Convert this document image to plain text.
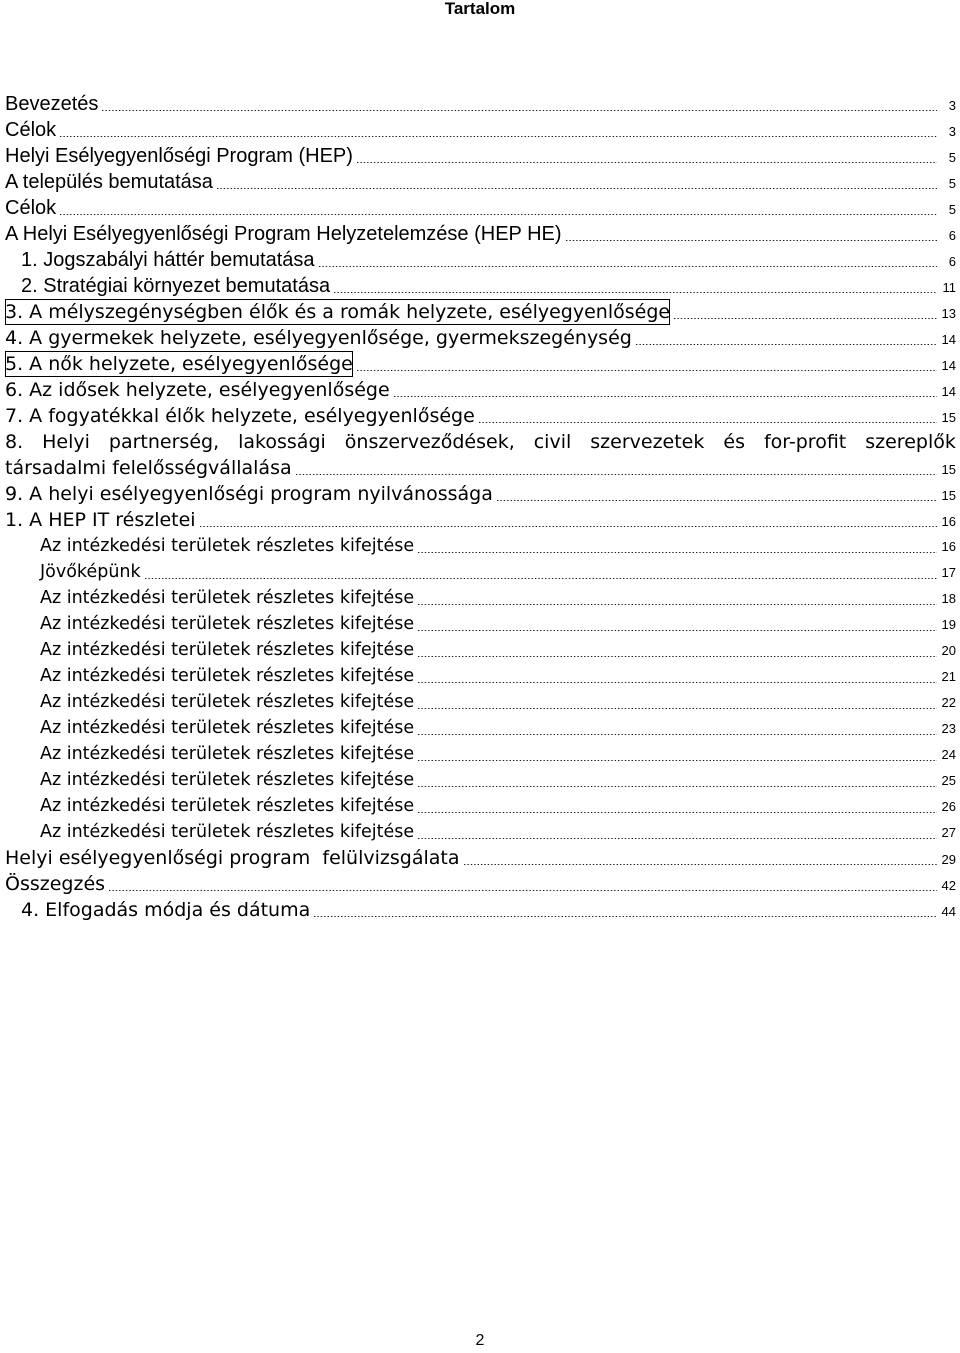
Tartalom
Bevezetés	3
Célok	3
Helyi Esélyegyenlőségi Program (HEP)	5
A település bemutatása	5
Célok	5
A Helyi Esélyegyenlőségi Program Helyzetelemzése (HEP HE)	6
1. Jogszabályi háttér bemutatása	6
2. Stratégiai környezet bemutatása	11
3. A mélyszegénységben élők és a romák helyzete, esélyegyenlősége	13
4. A gyermekek helyzete, esélyegyenlősége, gyermekszegénység	14
5. A nők helyzete, esélyegyenlősége	14
6. Az idősek helyzete, esélyegyenlősége	14
7. A fogyatékkal élők helyzete, esélyegyenlősége	15
8. Helyi partnerség, lakossági önszerveződések, civil szervezetek és for-profit szereplők
társadalmi felelősségvállalása	15
9. A helyi esélyegyenlőségi program nyilvánossága	15
1. A HEP IT részletei	16
Az intézkedési területek részletes kifejtése	16
Jövőképünk	17
Az intézkedési területek részletes kifejtése	18
Az intézkedési területek részletes kifejtése	19
Az intézkedési területek részletes kifejtése	20
Az intézkedési területek részletes kifejtése	21
Az intézkedési területek részletes kifejtése	22
Az intézkedési területek részletes kifejtése	23
Az intézkedési területek részletes kifejtése	24
Az intézkedési területek részletes kifejtése	25
Az intézkedési területek részletes kifejtése	26
Az intézkedési területek részletes kifejtése	27
Helyi esélyegyenlőségi program  felülvizsgálata	29
Összegzés	42
4. Elfogadás módja és dátuma	44
2
